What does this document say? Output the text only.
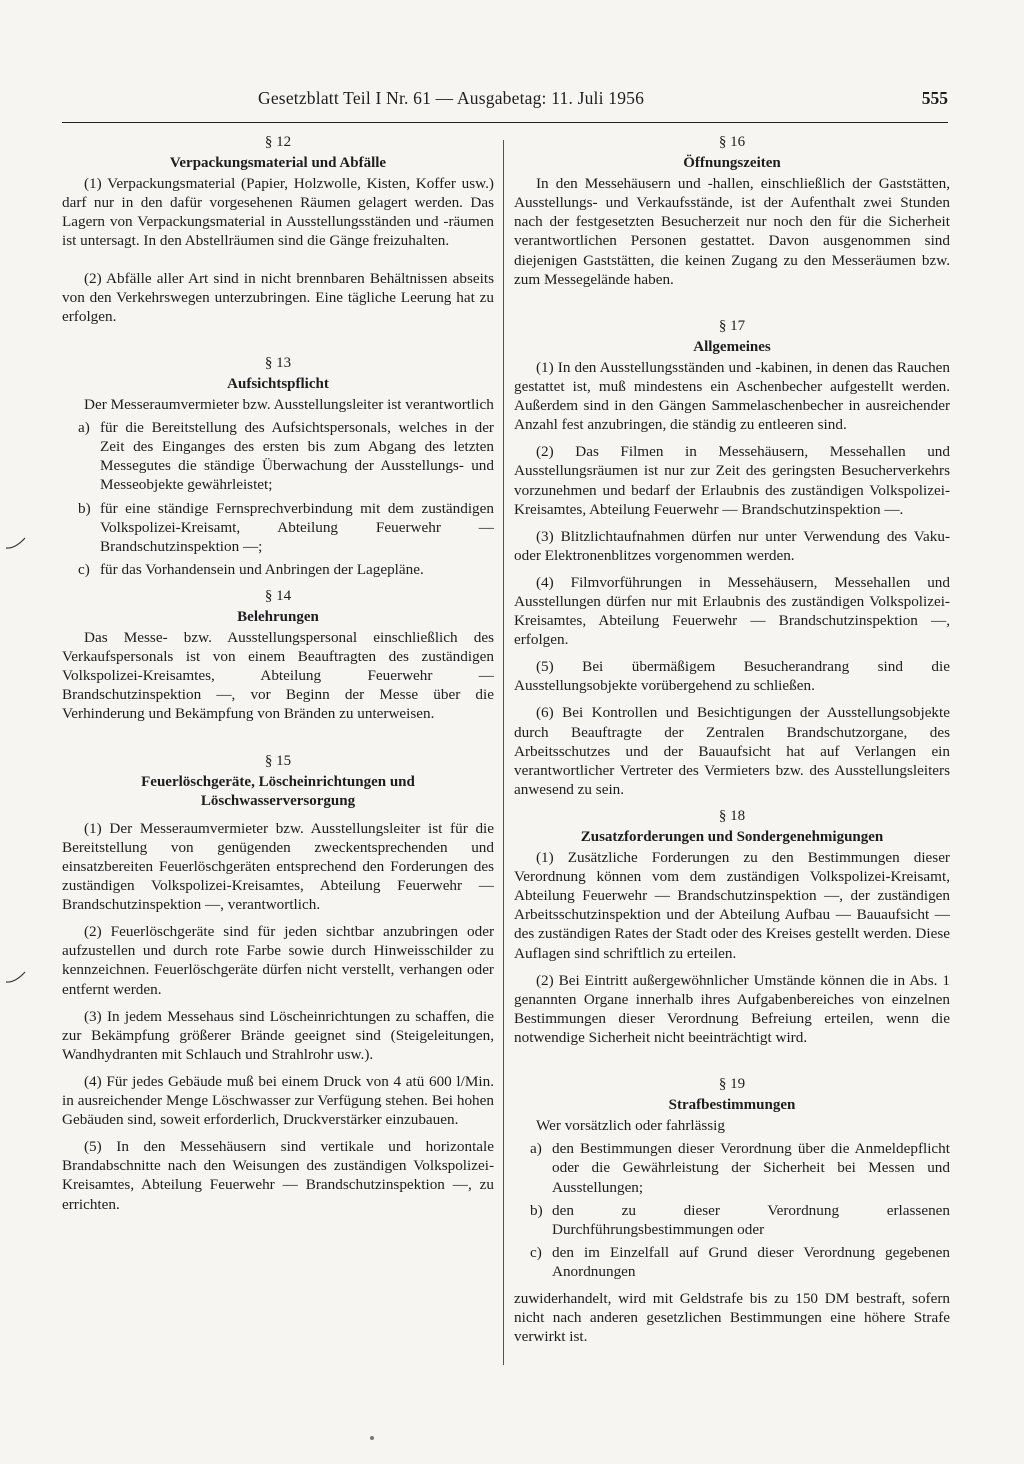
Gesetzblatt Teil I Nr. 61 — Ausgabetag: 11. Juli 1956	555
§ 12
Verpackungsmaterial und Abfälle

(1) Verpackungsmaterial (Papier, Holzwolle, Kisten, Koffer usw.) darf nur in den dafür vorgesehenen Räumen gelagert werden. Das Lagern von Verpackungsmaterial in Ausstellungsständen und -räumen ist untersagt. In den Abstellräumen sind die Gänge freizuhalten.

(2) Abfälle aller Art sind in nicht brennbaren Behältnissen abseits von den Verkehrswegen unterzubringen. Eine tägliche Leerung hat zu erfolgen.

§ 13
Aufsichtspflicht

Der Messeraumvermieter bzw. Ausstellungsleiter ist verantwortlich

a) für die Bereitstellung des Aufsichtspersonals, welches in der Zeit des Einganges des ersten bis zum Abgang des letzten Messegutes die ständige Überwachung der Ausstellungs- und Messeobjekte gewährleistet;
b) für eine ständige Fernsprechverbindung mit dem zuständigen Volkspolizei-Kreisamt, Abteilung Feuerwehr — Brandschutzinspektion —;
c) für das Vorhandensein und Anbringen der Lagepläne.
§ 14
Belehrungen

Das Messe- bzw. Ausstellungspersonal einschließlich des Verkaufspersonals ist von einem Beauftragten des zuständigen Volkspolizei-Kreisamtes, Abteilung Feuerwehr — Brandschutzinspektion —, vor Beginn der Messe über die Verhinderung und Bekämpfung von Bränden zu unterweisen.

§ 15
Feuerlöschgeräte, Löscheinrichtungen und Löschwasserversorgung

(1) Der Messeraumvermieter bzw. Ausstellungsleiter ist für die Bereitstellung von genügenden zweckentsprechenden und einsatzbereiten Feuerlöschgeräten entsprechend den Forderungen des zuständigen Volkspolizei-Kreisamtes, Abteilung Feuerwehr — Brandschutzinspektion —, verantwortlich.

(2) Feuerlöschgeräte sind für jeden sichtbar anzubringen oder aufzustellen und durch rote Farbe sowie durch Hinweisschilder zu kennzeichnen. Feuerlöschgeräte dürfen nicht verstellt, verhangen oder entfernt werden.

(3) In jedem Messehaus sind Löscheinrichtungen zu schaffen, die zur Bekämpfung größerer Brände geeignet sind (Steigeleitungen, Wandhydranten mit Schlauch und Strahlrohr usw.).

(4) Für jedes Gebäude muß bei einem Druck von 4 atü 600 l/Min. in ausreichender Menge Löschwasser zur Verfügung stehen. Bei hohen Gebäuden sind, soweit erforderlich, Druckverstärker einzubauen.

(5) In den Messehäusern sind vertikale und horizontale Brandabschnitte nach den Weisungen des zuständigen Volkspolizei-Kreisamtes, Abteilung Feuerwehr — Brandschutzinspektion —, zu errichten.

§ 16
Öffnungszeiten

In den Messehäusern und -hallen, einschließlich der Gaststätten, Ausstellungs- und Verkaufsstände, ist der Aufenthalt zwei Stunden nach der festgesetzten Besucherzeit nur noch den für die Sicherheit verantwortlichen Personen gestattet. Davon ausgenommen sind diejenigen Gaststätten, die keinen Zugang zu den Messeräumen bzw. zum Messegelände haben.

§ 17
Allgemeines

(1) In den Ausstellungsständen und -kabinen, in denen das Rauchen gestattet ist, muß mindestens ein Aschenbecher aufgestellt werden. Außerdem sind in den Gängen Sammelaschenbecher in ausreichender Anzahl fest anzubringen, die ständig zu entleeren sind.

(2) Das Filmen in Messehäusern, Messehallen und Ausstellungsräumen ist nur zur Zeit des geringsten Besucherverkehrs vorzunehmen und bedarf der Erlaubnis des zuständigen Volkspolizei-Kreisamtes, Abteilung Feuerwehr — Brandschutzinspektion —.

(3) Blitzlichtaufnahmen dürfen nur unter Verwendung des Vaku- oder Elektronenblitzes vorgenommen werden.

(4) Filmvorführungen in Messehäusern, Messehallen und Ausstellungen dürfen nur mit Erlaubnis des zuständigen Volkspolizei-Kreisamtes, Abteilung Feuerwehr — Brandschutzinspektion —, erfolgen.

(5) Bei übermäßigem Besucherandrang sind die Ausstellungsobjekte vorübergehend zu schließen.

(6) Bei Kontrollen und Besichtigungen der Ausstellungsobjekte durch Beauftragte der Zentralen Brandschutzorgane, des Arbeitsschutzes und der Bauaufsicht hat auf Verlangen ein verantwortlicher Vertreter des Vermieters bzw. des Ausstellungsleiters anwesend zu sein.

§ 18
Zusatzforderungen und Sondergenehmigungen

(1) Zusätzliche Forderungen zu den Bestimmungen dieser Verordnung können vom dem zuständigen Volkspolizei-Kreisamt, Abteilung Feuerwehr — Brandschutzinspektion —, der zuständigen Arbeitsschutzinspektion und der Abteilung Aufbau — Bauaufsicht — des zuständigen Rates der Stadt oder des Kreises gestellt werden. Diese Auflagen sind schriftlich zu erteilen.

(2) Bei Eintritt außergewöhnlicher Umstände können die in Abs. 1 genannten Organe innerhalb ihres Aufgabenbereiches von einzelnen Bestimmungen dieser Verordnung Befreiung erteilen, wenn die notwendige Sicherheit nicht beeinträchtigt wird.

§ 19
Strafbestimmungen

Wer vorsätzlich oder fahrlässig

a) den Bestimmungen dieser Verordnung über die Anmeldepflicht oder die Gewährleistung der Sicherheit bei Messen und Ausstellungen;
b) den zu dieser Verordnung erlassenen Durchführungsbestimmungen oder
c) den im Einzelfall auf Grund dieser Verordnung gegebenen Anordnungen

zuwiderhandelt, wird mit Geldstrafe bis zu 150 DM bestraft, sofern nicht nach anderen gesetzlichen Bestimmungen eine höhere Strafe verwirkt ist.
